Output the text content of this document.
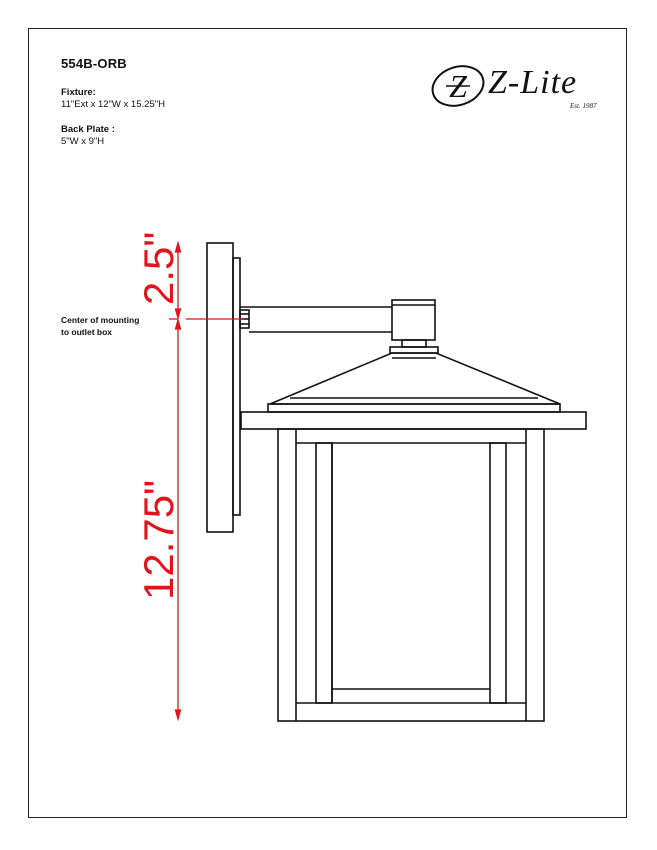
554B-ORB
Fixture:
11"Ext x 12"W x 15.25"H
Back Plate :
5"W x 9"H
Center of mounting
to outlet box
Z Z-Lite
Est. 1987
2.5"
12.75"
